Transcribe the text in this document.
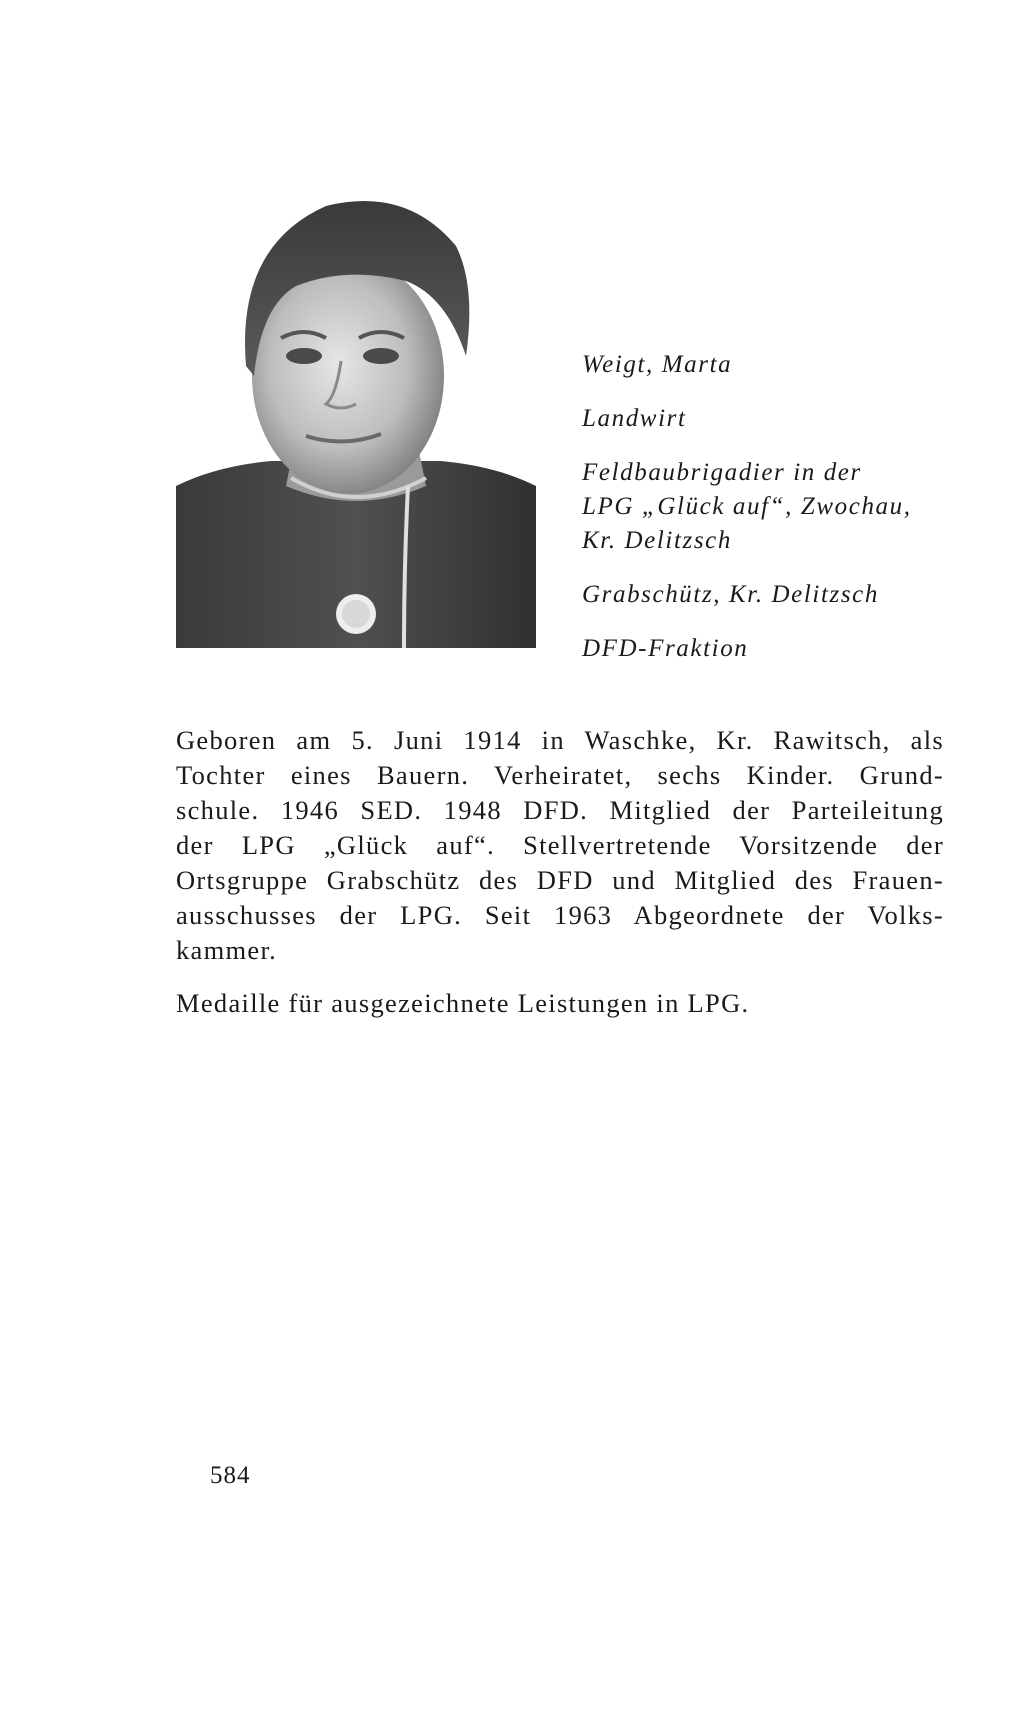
Weigt, Marta
Landwirt
Feldbaubrigadier in der
LPG „Glück auf“, Zwochau,
Kr. Delitzsch
Grabschütz, Kr. Delitzsch
DFD-Fraktion
Geboren am 5. Juni 1914 in Waschke, Kr. Rawitsch, als
Tochter eines Bauern. Verheiratet, sechs Kinder. Grund-
schule. 1946 SED. 1948 DFD. Mitglied der Parteileitung
der LPG „Glück auf“. Stellvertretende Vorsitzende der
Ortsgruppe Grabschütz des DFD und Mitglied des Frauen-
ausschusses der LPG. Seit 1963 Abgeordnete der Volks-
kammer.
Medaille für ausgezeichnete Leistungen in LPG.
584
